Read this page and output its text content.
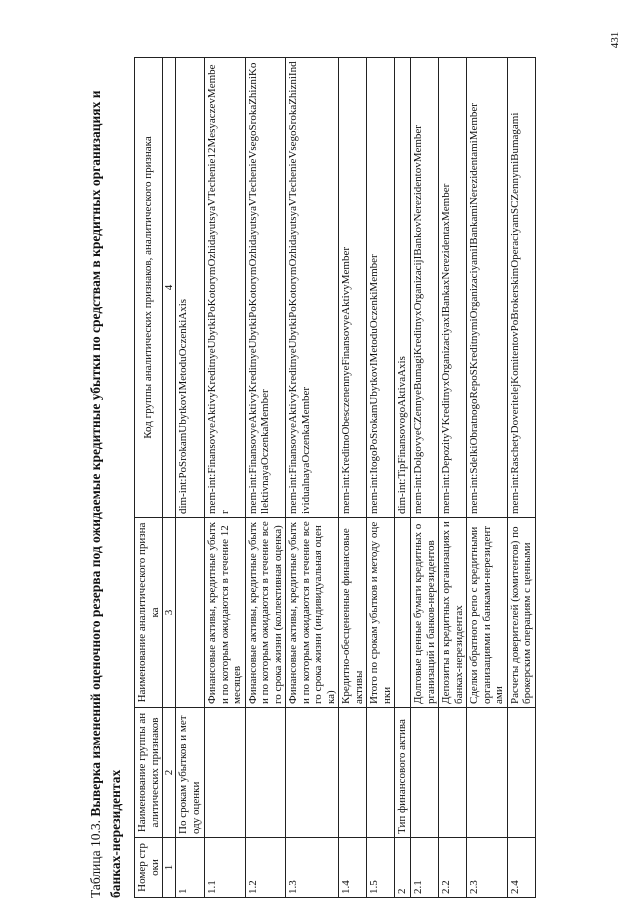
431

Таблица 10.3. Выверка изменений оценочного резерва под ожидаемые кредитные убытки по средствам в кредитных организациях и банках-нерезидентах Номер строки	Наименование группы аналитических признаков	Наименование аналитического признака	Код группы аналитических признаков, аналитического признака
1	2	3	4
1	По срокам убытков и методу оценки		dim-int:PoSrokamUbytkovIMetoduOczenkiAxis
1.1		Финансовые активы, кредитные убытки по которым ожидаются в течение 12 месяцев	mem-int:FinansovyeAktivyKreditnyeUbytkiPoKotorymOzhidayutsyaVTechenie12MesyaczevMember
1.2		Финансовые активы, кредитные убытки по которым ожидаются в течение всего срока жизни (коллективная оценка)	mem-int:FinansovyeAktivyKreditnyeUbytkiPoKotorymOzhidayutsyaVTechenieVsegoSrokaZhizniKollektivnayaOczenkaMember
1.3		Финансовые активы, кредитные убытки по которым ожидаются в течение всего срока жизни (индивидуальная оценка)	mem-int:FinansovyeAktivyKreditnyeUbytkiPoKotorymOzhidayutsyaVTechenieVsegoSrokaZhizniIndividualnayaOczenkaMember
1.4		Кредитно-обесцененные финансовые активы	mem-int:KreditnoObesczenennyeFinansovyeAktivyMember
1.5		Итого по срокам убытков и методу оценки	mem-int:ItogoPoSrokamUbytkovIMetoduOczenkiMember
2	Тип финансового актива		dim-int:TipFinansovogoAktivaAxis
2.1		Долговые ценные бумаги кредитных организаций и банков-нерезидентов	mem-int:DolgovyeCZennyeBumagiKreditnyxOrganizacijIBankovNerezidentovMember
2.2		Депозиты в кредитных организациях и банках-нерезидентах	mem-int:DepozityVKreditnyxOrganizaciyaxIBankaxNerezidentaxMember
2.3		Сделки обратного репо с кредитными организациями и банками-нерезидентами	mem-int:SdelkiObratnogoRepoSKreditnymiOrganizaciyamiIBankamiNerezidentamiMember
2.4		Расчеты доверителей (комитентов) по брокерским операциям с ценными	mem-int:RaschetyDoveritelejKomitentovPoBrokerskimOperaciyamSCZennymiBumagami
